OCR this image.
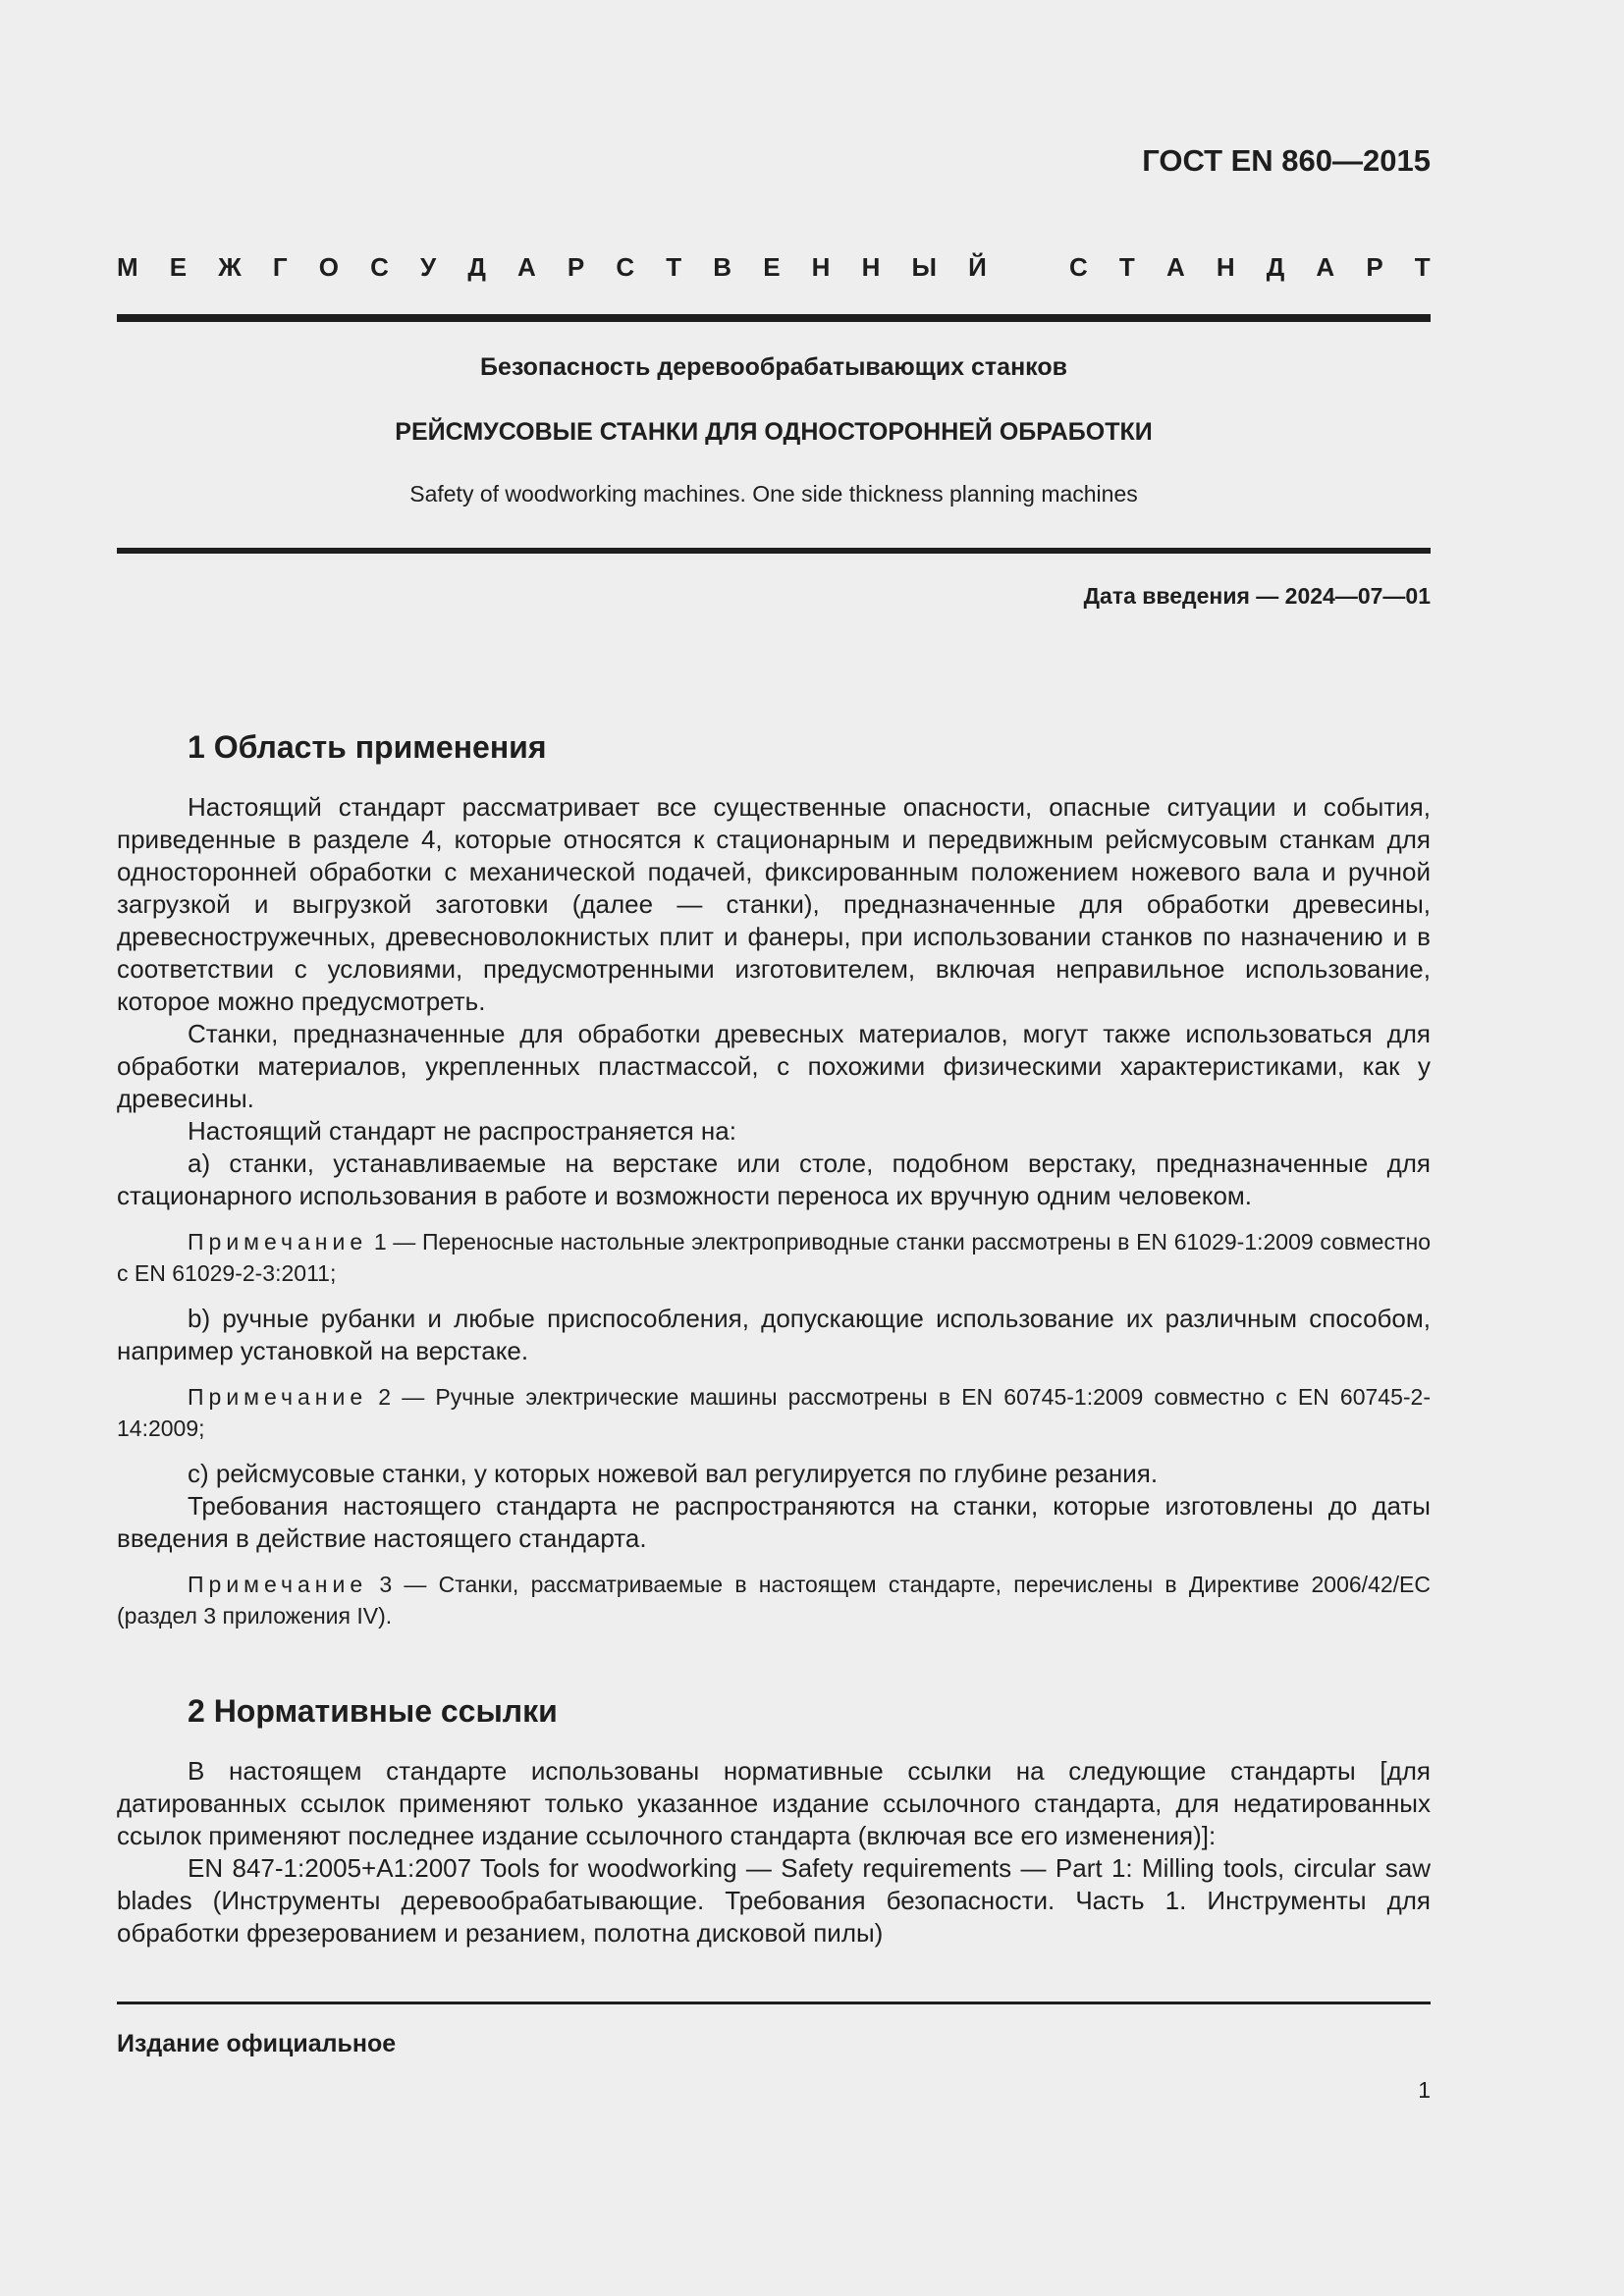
ГОСТ EN 860—2015
М Е Ж Г О С У Д А Р С Т В Е Н Н Ы Й	С Т А Н Д А Р Т
Безопасность деревообрабатывающих станков
РЕЙСМУСОВЫЕ СТАНКИ ДЛЯ ОДНОСТОРОННЕЙ ОБРАБОТКИ
Safety of woodworking machines. One side thickness planning machines
Дата введения — 2024—07—01
1 Область применения

Настоящий стандарт рассматривает все существенные опасности, опасные ситуации и события, приведенные в разделе 4, которые относятся к стационарным и передвижным рейсмусовым станкам для односторонней обработки с механической подачей, фиксированным положением ножевого вала и ручной загрузкой и выгрузкой заготовки (далее — станки), предназначенные для обработки древесины, древесностружечных, древесноволокнистых плит и фанеры, при использовании станков по назначению и в соответствии с условиями, предусмотренными изготовителем, включая неправильное использование, которое можно предусмотреть.

Станки, предназначенные для обработки древесных материалов, могут также использоваться для обработки материалов, укрепленных пластмассой, с похожими физическими характеристиками, как у древесины.

Настоящий стандарт не распространяется на:

a) станки, устанавливаемые на верстаке или столе, подобном верстаку, предназначенные для стационарного использования в работе и возможности переноса их вручную одним человеком.

Примечание 1 — Переносные настольные электроприводные станки рассмотрены в EN 61029-1:2009 совместно с EN 61029-2-3:2011;

b) ручные рубанки и любые приспособления, допускающие использование их различным способом, например установкой на верстаке.

Примечание 2 — Ручные электрические машины рассмотрены в EN 60745-1:2009 совместно с EN 60745-2-14:2009;

c) рейсмусовые станки, у которых ножевой вал регулируется по глубине резания.

Требования настоящего стандарта не распространяются на станки, которые изготовлены до даты введения в действие настоящего стандарта.

Примечание 3 — Станки, рассматриваемые в настоящем стандарте, перечислены в Директиве 2006/42/ЕС (раздел 3 приложения IV).

2 Нормативные ссылки

В настоящем стандарте использованы нормативные ссылки на следующие стандарты [для датированных ссылок применяют только указанное издание ссылочного стандарта, для недатированных ссылок применяют последнее издание ссылочного стандарта (включая все его изменения)]:

EN 847-1:2005+A1:2007 Tools for woodworking — Safety requirements — Part 1: Milling tools, circular saw blades (Инструменты деревообрабатывающие. Требования безопасности. Часть 1. Инструменты для обработки фрезерованием и резанием, полотна дисковой пилы)

Издание официальное
1
